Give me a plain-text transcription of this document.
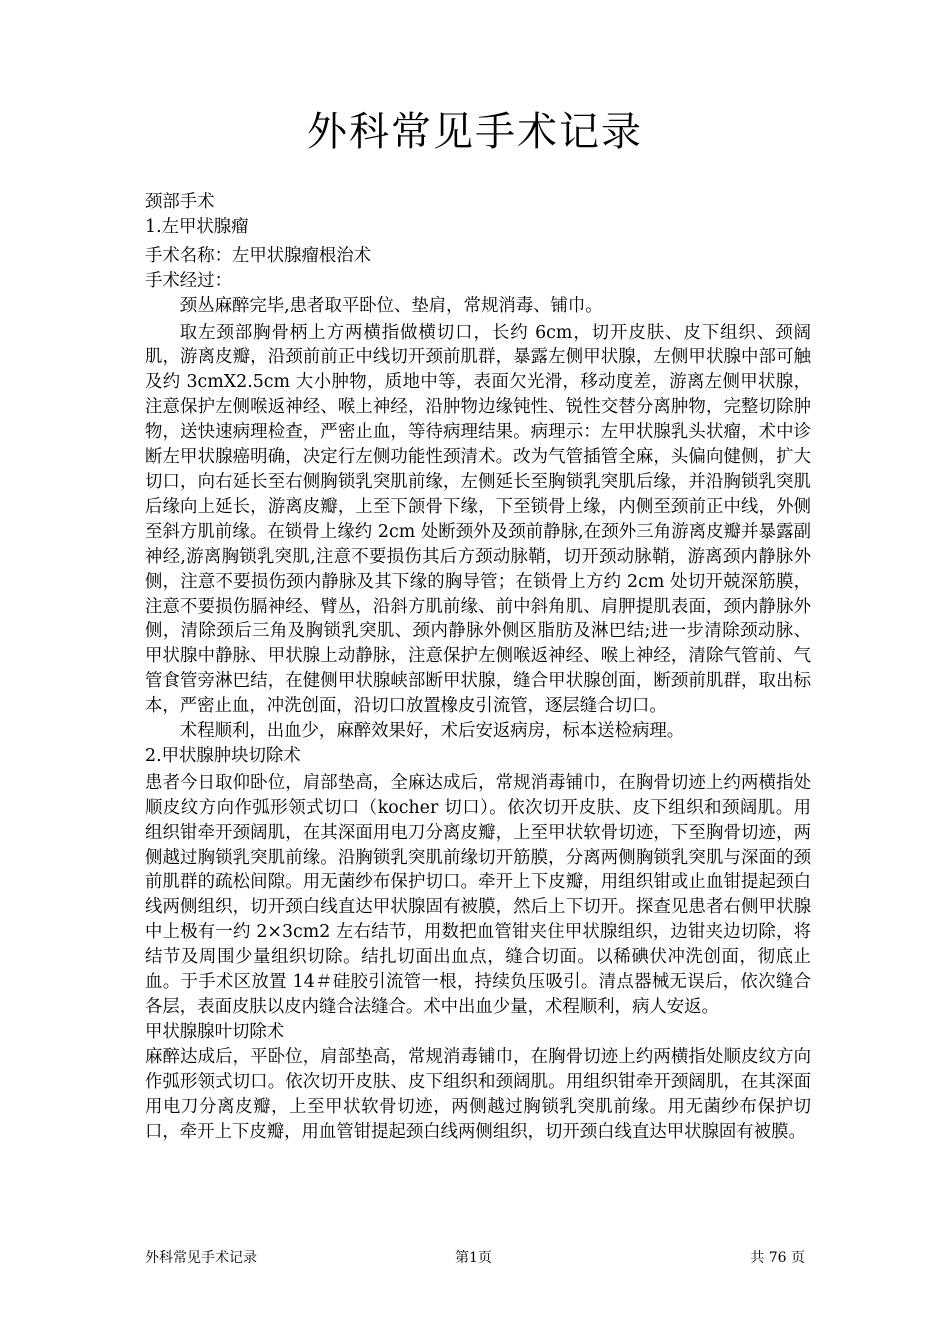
外科常见手术记录

颈部手术

1.左甲状腺瘤

手术名称：左甲状腺瘤根治术

手术经过：

颈丛麻醉完毕,患者取平卧位、垫肩，常规消毒、铺巾。

取左颈部胸骨柄上方两横指做横切口，长约 6cm，切开皮肤、皮下组织、颈阔肌，游离皮瓣，沿颈前前正中线切开颈前肌群，暴露左侧甲状腺，左侧甲状腺中部可触及约 3cmX2.5cm 大小肿物，质地中等，表面欠光滑，移动度差，游离左侧甲状腺，注意保护左侧喉返神经、喉上神经，沿肿物边缘钝性、锐性交替分离肿物，完整切除肿物，送快速病理检查，严密止血，等待病理结果。病理示：左甲状腺乳头状瘤，术中诊断左甲状腺癌明确，决定行左侧功能性颈清术。改为气管插管全麻，头偏向健侧，扩大切口，向右延长至右侧胸锁乳突肌前缘，左侧延长至胸锁乳突肌后缘，并沿胸锁乳突肌后缘向上延长，游离皮瓣，上至下颌骨下缘，下至锁骨上缘，内侧至颈前正中线，外侧至斜方肌前缘。在锁骨上缘约 2cm 处断颈外及颈前静脉,在颈外三角游离皮瓣并暴露副神经,游离胸锁乳突肌,注意不要损伤其后方颈动脉鞘，切开颈动脉鞘，游离颈内静脉外侧，注意不要损伤颈内静脉及其下缘的胸导管；在锁骨上方约 2cm 处切开兢深筋膜，注意不要损伤膈神经、臂丛，沿斜方肌前缘、前中斜角肌、肩胛提肌表面，颈内静脉外侧，清除颈后三角及胸锁乳突肌、颈内静脉外侧区脂肪及淋巴结;进一步清除颈动脉、甲状腺中静脉、甲状腺上动静脉，注意保护左侧喉返神经、喉上神经，清除气管前、气管食管旁淋巴结，在健侧甲状腺峡部断甲状腺，缝合甲状腺创面，断颈前肌群，取出标本，严密止血，冲洗创面，沿切口放置橡皮引流管，逐层缝合切口。

术程顺利，出血少，麻醉效果好，术后安返病房，标本送检病理。

2.甲状腺肿块切除术

患者今日取仰卧位，肩部垫高，全麻达成后，常规消毒铺巾，在胸骨切迹上约两横指处顺皮纹方向作弧形领式切口（kocher 切口）。依次切开皮肤、皮下组织和颈阔肌。用组织钳牵开颈阔肌，在其深面用电刀分离皮瓣，上至甲状软骨切迹，下至胸骨切迹，两侧越过胸锁乳突肌前缘。沿胸锁乳突肌前缘切开筋膜，分离两侧胸锁乳突肌与深面的颈前肌群的疏松间隙。用无菌纱布保护切口。牵开上下皮瓣，用组织钳或止血钳提起颈白线两侧组织，切开颈白线直达甲状腺固有被膜，然后上下切开。探查见患者右侧甲状腺中上极有一约 2×3cm2 左右结节，用数把血管钳夹住甲状腺组织，边钳夹边切除，将结节及周围少量组织切除。结扎切面出血点，缝合切面。以稀碘伏冲洗创面，彻底止血。于手术区放置 14＃硅胶引流管一根，持续负压吸引。清点器械无误后，依次缝合各层，表面皮肤以皮内缝合法缝合。术中出血少量，术程顺利，病人安返。

甲状腺腺叶切除术

麻醉达成后，平卧位，肩部垫高，常规消毒铺巾，在胸骨切迹上约两横指处顺皮纹方向作弧形领式切口。依次切开皮肤、皮下组织和颈阔肌。用组织钳牵开颈阔肌，在其深面用电刀分离皮瓣，上至甲状软骨切迹，两侧越过胸锁乳突肌前缘。用无菌纱布保护切口，牵开上下皮瓣，用血管钳提起颈白线两侧组织，切开颈白线直达甲状腺固有被膜。

外科常见手术记录	第1页	共 76 页
